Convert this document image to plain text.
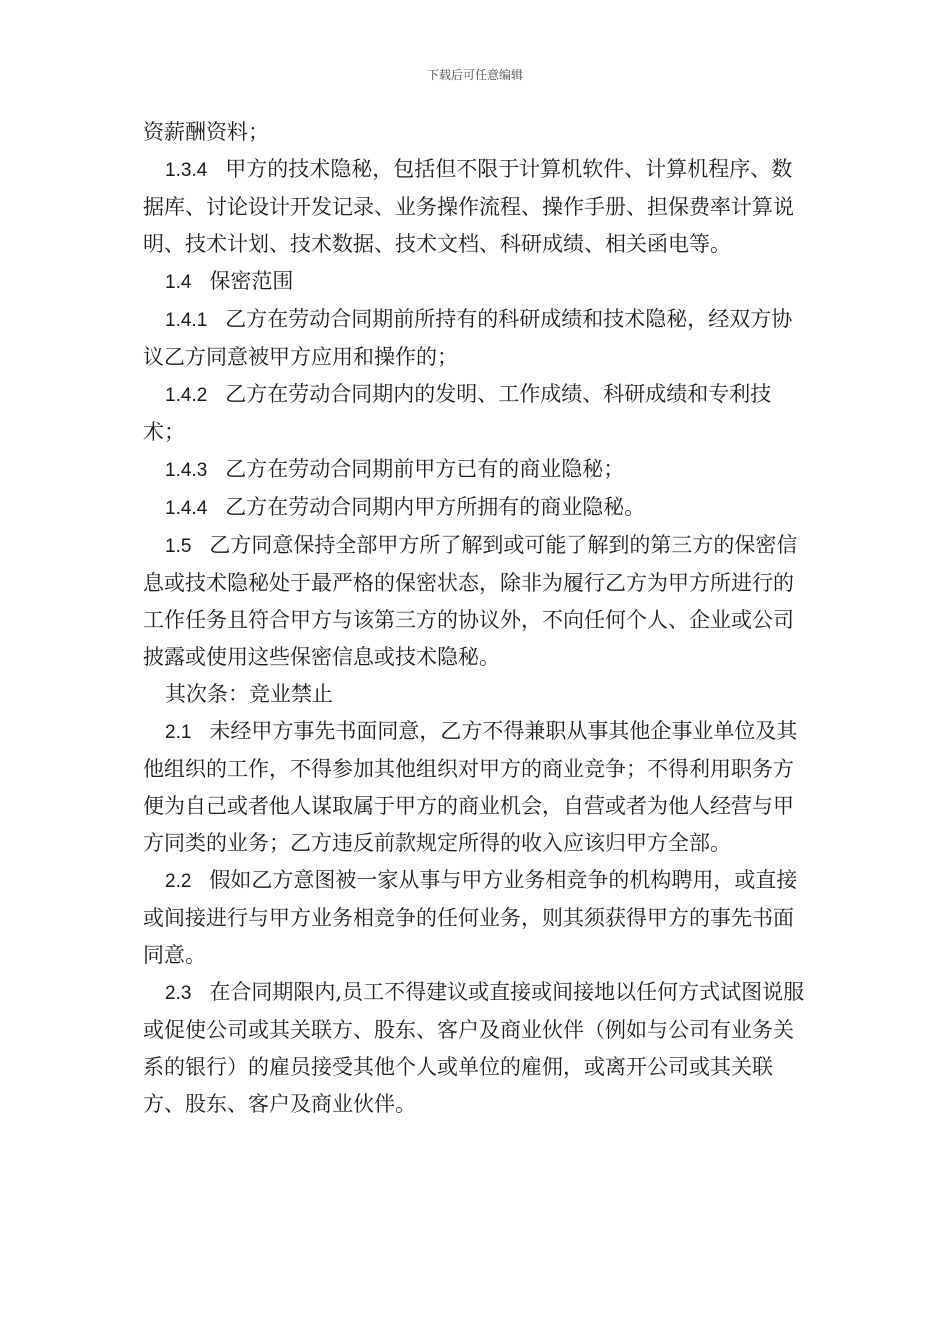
下载后可任意编辑

资薪酬资料；

1.3.4 甲方的技术隐秘，包括但不限于计算机软件、计算机程序、数据库、讨论设计开发记录、业务操作流程、操作手册、担保费率计算说明、技术计划、技术数据、技术文档、科研成绩、相关函电等。

1.4 保密范围

1.4.1 乙方在劳动合同期前所持有的科研成绩和技术隐秘，经双方协议乙方同意被甲方应用和操作的；

1.4.2 乙方在劳动合同期内的发明、工作成绩、科研成绩和专利技术；

1.4.3 乙方在劳动合同期前甲方已有的商业隐秘；

1.4.4 乙方在劳动合同期内甲方所拥有的商业隐秘。

1.5 乙方同意保持全部甲方所了解到或可能了解到的第三方的保密信息或技术隐秘处于最严格的保密状态，除非为履行乙方为甲方所进行的工作任务且符合甲方与该第三方的协议外，不向任何个人、企业或公司披露或使用这些保密信息或技术隐秘。

其次条：竞业禁止

2.1 未经甲方事先书面同意，乙方不得兼职从事其他企事业单位及其他组织的工作，不得参加其他组织对甲方的商业竞争；不得利用职务方便为自己或者他人谋取属于甲方的商业机会，自营或者为他人经营与甲方同类的业务；乙方违反前款规定所得的收入应该归甲方全部。

2.2 假如乙方意图被一家从事与甲方业务相竞争的机构聘用，或直接或间接进行与甲方业务相竞争的任何业务，则其须获得甲方的事先书面同意。

2.3 在合同期限内,员工不得建议或直接或间接地以任何方式试图说服或促使公司或其关联方、股东、客户及商业伙伴（例如与公司有业务关系的银行）的雇员接受其他个人或单位的雇佣，或离开公司或其关联方、股东、客户及商业伙伴。
